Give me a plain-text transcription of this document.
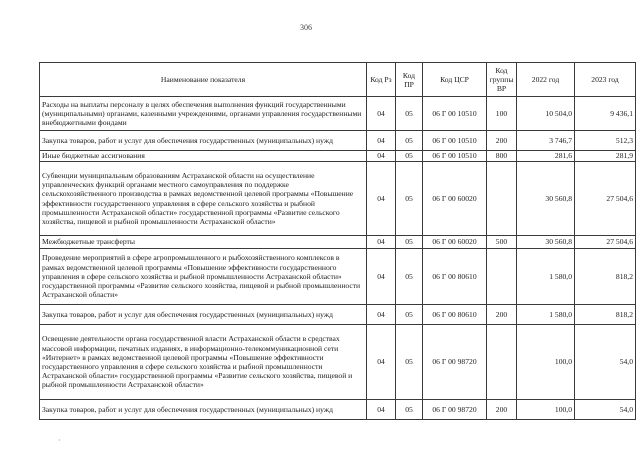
306
Наименование показателя	Код Рз	Код ПР	Код ЦСР	Код группы ВР	2022 год	2023 год
Расходы на выплаты персоналу в целях обеспечения выполнения функций государственными (муниципальными) органами, казенными учреждениями, органами управления государственными внебюджетными фондами	04	05	06 Г 00 10510	100	10 504,0	9 436,1
Закупка товаров, работ и услуг для обеспечения государственных (муниципальных) нужд	04	05	06 Г 00 10510	200	3 746,7	512,3
Иные бюджетные ассигнования	04	05	06 Г 00 10510	800	281,6	281,9
Субвенции муниципальным образованиям Астраханской области на осуществление управленческих функций органами местного самоуправления по поддержке сельскохозяйственного производства в рамках ведомственной целевой программы «Повышение эффективности государственного управления в сфере сельского хозяйства и рыбной промышленности Астраханской области» государственной программы «Развитие сельского хозяйства, пищевой и рыбной промышленности Астраханской области»	04	05	06 Г 00 60020		30 560,8	27 504,6
Межбюджетные трансферты	04	05	06 Г 00 60020	500	30 560,8	27 504,6
Проведение мероприятий в сфере агропромышленного и рыбохозяйственного комплексов в рамках ведомственной целевой программы «Повышение эффективности государственного управления в сфере сельского хозяйства и рыбной промышленности Астраханской области» государственной программы «Развитие сельского хозяйства, пищевой и рыбной промышленности Астраханской области»	04	05	06 Г 00 80610		1 580,0	818,2
Закупка товаров, работ и услуг для обеспечения государственных (муниципальных) нужд	04	05	06 Г 00 80610	200	1 580,0	818,2
Освещение деятельности органа государственной власти Астраханской области в средствах массовой информации, печатных изданиях, в информационно-телекоммуникационной сети «Интернет» в рамках ведомственной целевой программы «Повышение эффективности государственного управления в сфере сельского хозяйства и рыбной промышленности Астраханской области» государственной программы «Развитие сельского хозяйства, пищевой и рыбной промышленности Астраханской области»	04	05	06 Г 00 98720		100,0	54,0
Закупка товаров, работ и услуг для обеспечения государственных (муниципальных) нужд	04	05	06 Г 00 98720	200	100,0	54,0
·
